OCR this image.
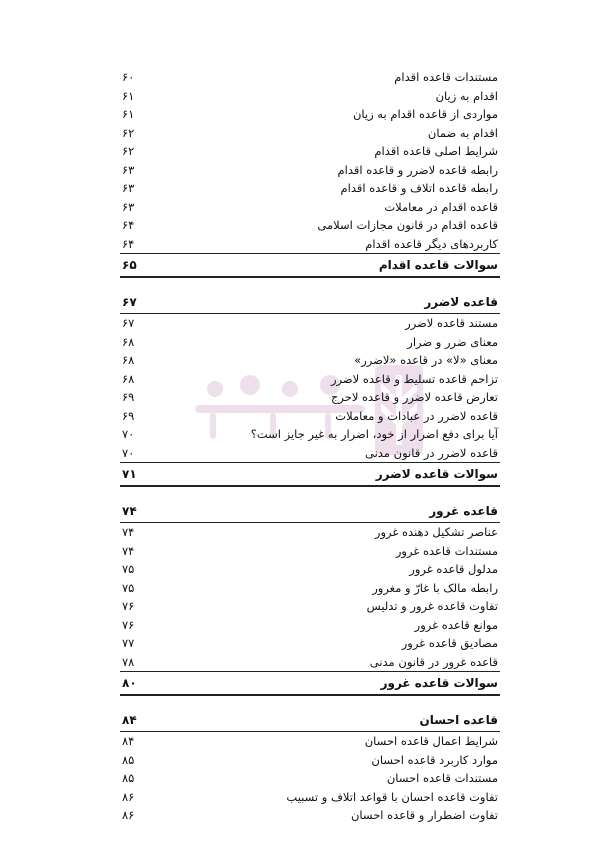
مستندات قاعده اقدام
۶۰
اقدام به زیان
۶۱
مواردی از قاعده اقدام به زیان
۶۱
اقدام به ضمان
۶۲
شرایط اصلی قاعده اقدام
۶۲
رابطه قاعده لاضرر و قاعده اقدام
۶۳
رابطه قاعده اتلاف و قاعده اقدام
۶۳
قاعده اقدام در معاملات
۶۳
قاعده اقدام در قانون مجازات اسلامی
۶۴
کاربردهای دیگر قاعده اقدام
۶۴
سوالات قاعده اقدام
۶۵
قاعده لاضرر
۶۷
مستند قاعده لاضرر
۶۷
معنای ضرر و ضرار
۶۸
معنای «لا» در قاعده «لاضرر»
۶۸
تزاحم قاعده تسلیط و قاعده لاضرر
۶۸
تعارض قاعده لاضرر و قاعده لاحرج
۶۹
قاعده لاضرر در عبادات و معاملات
۶۹
آیا برای دفع اضرار از خود، اضرار به غیر جایز است؟
۷۰
قاعده لاضرر در قانون مدنی
۷۰
سوالات قاعده لاضرر
۷۱
قاعده غرور
۷۴
عناصر تشکیل دهنده غرور
۷۴
مستندات قاعده غرور
۷۴
مدلول قاعده غرور
۷۵
رابطه مالک با غارّ و مغرور
۷۵
تفاوت قاعده غرور و تدلیس
۷۶
موانع قاعده غرور
۷۶
مصادیق قاعده غرور
۷۷
قاعده غرور در قانون مدنی
۷۸
سوالات قاعده غرور
۸۰
قاعده احسان
۸۴
شرایط اعمال قاعده احسان
۸۴
موارد کاربرد قاعده احسان
۸۵
مستندات قاعده احسان
۸۵
تفاوت قاعده احسان با قواعد اتلاف و تسبیب
۸۶
تفاوت اضطرار و قاعده احسان
۸۶
